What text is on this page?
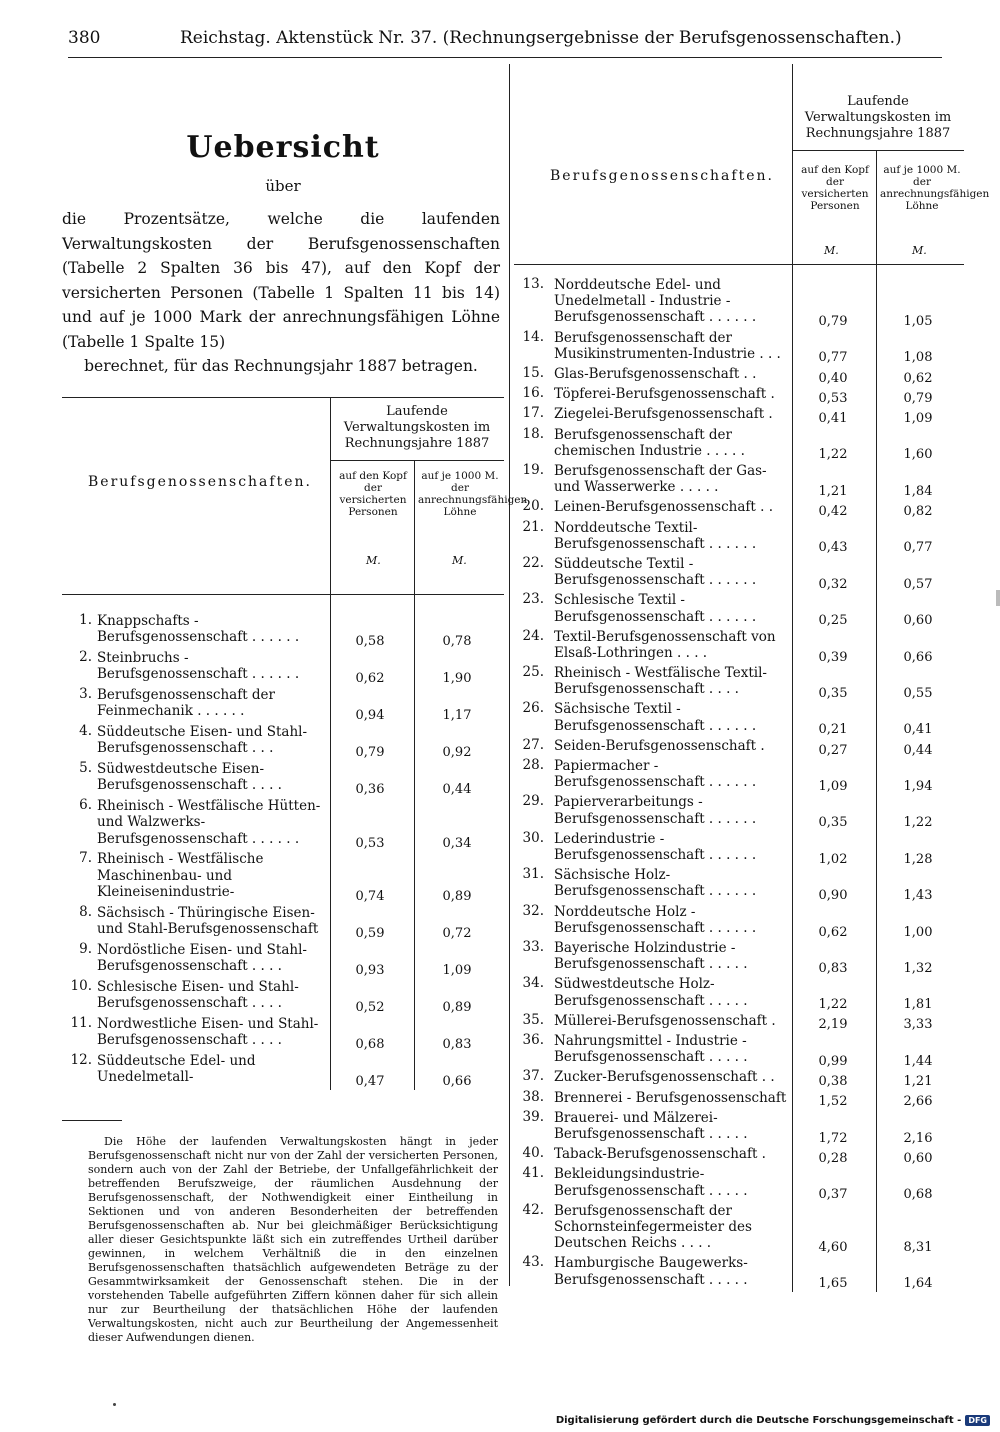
380	Reichstag. Aktenstück Nr. 37. (Rechnungsergebnisse der Berufsgenossenschaften.)
Uebersicht
über
die Prozentsätze, welche die laufenden Verwaltungskosten der Berufsgenossenschaften (Tabelle 2 Spalten 36 bis 47), auf den Kopf der versicherten Personen (Tabelle 1 Spalten 11 bis 14) und auf je 1000 Mark der anrechnungsfähigen Löhne (Tabelle 1 Spalte 15)
berechnet, für das Rechnungsjahr 1887 betragen.
Berufsgenossenschaften.
Laufende Verwaltungskosten im Rechnungsjahre 1887
auf den Kopf der versicherten Personen
auf je 1000 M. der anrechnungsfähigen Löhne
M.	M.
1. Knappschafts - Berufsgenossenschaft . . . . . .	0,58	0,78
2. Steinbruchs - Berufsgenossenschaft . . . . . .	0,62	1,90
3. Berufsgenossenschaft der Feinmechanik . . . . . .	0,94	1,17
4. Süddeutsche Eisen- und Stahl-Berufsgenossenschaft . . .	0,79	0,92
5. Südwestdeutsche Eisen-Berufsgenossenschaft . . . .	0,36	0,44
6. Rheinisch - Westfälische Hütten- und Walzwerks-Berufsgenossenschaft . . . . . .	0,53	0,34
7. Rheinisch - Westfälische Maschinenbau- und Kleineisenindustrie-	0,74	0,89
8. Sächsisch - Thüringische Eisen- und Stahl-Berufsgenossenschaft	0,59	0,72
9. Nordöstliche Eisen- und Stahl-Berufsgenossenschaft . . . .	0,93	1,09
10. Schlesische Eisen- und Stahl-Berufsgenossenschaft . . . .	0,52	0,89
11. Nordwestliche Eisen- und Stahl-Berufsgenossenschaft . . . .	0,68	0,83
12. Süddeutsche Edel- und Unedelmetall-	0,47	0,66
Die Höhe der laufenden Verwaltungskosten hängt in jeder Berufsgenossenschaft nicht nur von der Zahl der versicherten Personen, sondern auch von der Zahl der Betriebe, der Unfallgefährlichkeit der betreffenden Berufszweige, der räumlichen Ausdehnung der Berufsgenossenschaft, der Nothwendigkeit einer Eintheilung in Sektionen und von anderen Besonderheiten der betreffenden Berufsgenossenschaften ab. Nur bei gleichmäßiger Berücksichtigung aller dieser Gesichtspunkte läßt sich ein zutreffendes Urtheil darüber gewinnen, in welchem Verhältniß die in den einzelnen Berufsgenossenschaften thatsächlich aufgewendeten Beträge zu der Gesammtwirksamkeit der Genossenschaft stehen. Die in der vorstehenden Tabelle aufgeführten Ziffern können daher für sich allein nur zur Beurtheilung der thatsächlichen Höhe der laufenden Verwaltungskosten, nicht auch zur Beurtheilung der Angemessenheit dieser Aufwendungen dienen.
Berufsgenossenschaften.
Laufende Verwaltungskosten im Rechnungsjahre 1887
auf den Kopf der versicherten Personen
auf je 1000 M. der anrechnungsfähigen Löhne
M.	M.
13. Norddeutsche Edel- und Unedelmetall - Industrie - Berufsgenossenschaft . . . . . .	0,79	1,05
14. Berufsgenossenschaft der Musikinstrumenten-Industrie . . .	0,77	1,08
15. Glas-Berufsgenossenschaft . .	0,40	0,62
16. Töpferei-Berufsgenossenschaft .	0,53	0,79
17. Ziegelei-Berufsgenossenschaft .	0,41	1,09
18. Berufsgenossenschaft der chemischen Industrie . . . . .	1,22	1,60
19. Berufsgenossenschaft der Gas- und Wasserwerke . . . . .	1,21	1,84
20. Leinen-Berufsgenossenschaft . .	0,42	0,82
21. Norddeutsche Textil-Berufsgenossenschaft . . . . . .	0,43	0,77
22. Süddeutsche Textil - Berufsgenossenschaft . . . . . .	0,32	0,57
23. Schlesische Textil - Berufsgenossenschaft . . . . . .	0,25	0,60
24. Textil-Berufsgenossenschaft von Elsaß-Lothringen . . . .	0,39	0,66
25. Rheinisch - Westfälische Textil-Berufsgenossenschaft . . . .	0,35	0,55
26. Sächsische Textil - Berufsgenossenschaft . . . . . .	0,21	0,41
27. Seiden-Berufsgenossenschaft .	0,27	0,44
28. Papiermacher - Berufsgenossenschaft . . . . . .	1,09	1,94
29. Papierverarbeitungs - Berufsgenossenschaft . . . . . .	0,35	1,22
30. Lederindustrie - Berufsgenossenschaft . . . . . .	1,02	1,28
31. Sächsische Holz-Berufsgenossenschaft . . . . . .	0,90	1,43
32. Norddeutsche Holz - Berufsgenossenschaft . . . . . .	0,62	1,00
33. Bayerische Holzindustrie - Berufsgenossenschaft . . . . .	0,83	1,32
34. Südwestdeutsche Holz-Berufsgenossenschaft . . . . .	1,22	1,81
35. Müllerei-Berufsgenossenschaft .	2,19	3,33
36. Nahrungsmittel - Industrie - Berufsgenossenschaft . . . . .	0,99	1,44
37. Zucker-Berufsgenossenschaft . .	0,38	1,21
38. Brennerei - Berufsgenossenschaft	1,52	2,66
39. Brauerei- und Mälzerei-Berufsgenossenschaft . . . . .	1,72	2,16
40. Taback-Berufsgenossenschaft .	0,28	0,60
41. Bekleidungsindustrie-Berufsgenossenschaft . . . . .	0,37	0,68
42. Berufsgenossenschaft der Schornsteinfegermeister des Deutschen Reichs . . . .	4,60	8,31
43. Hamburgische Baugewerks-Berufsgenossenschaft . . . . .	1,65	1,64
Digitalisierung gefördert durch die Deutsche Forschungsgemeinschaft - DFG
